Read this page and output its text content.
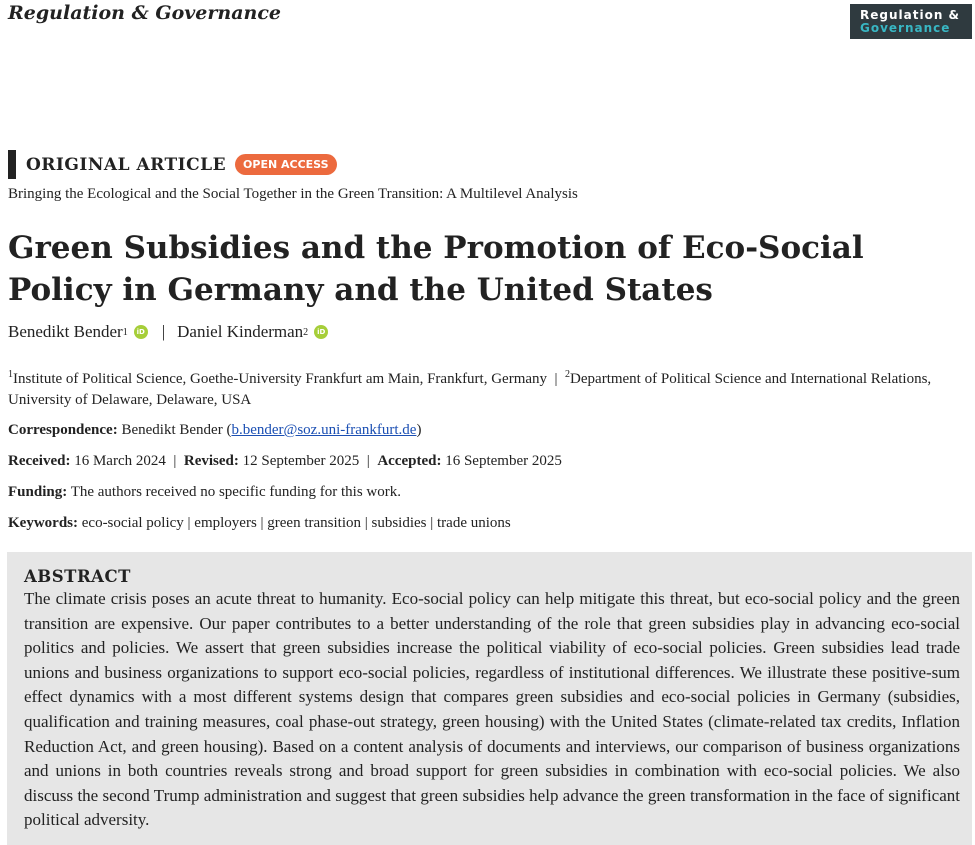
Regulation & Governance	Regulation &
Governance
ORIGINAL ARTICLE	OPEN ACCESS
Bringing the Ecological and the Social Together in the Green Transition: A Multilevel Analysis
Green Subsidies and the Promotion of Eco-Social Policy in Germany and the United States
Benedikt Bender 1	iD | Daniel Kinderman 2	iD
$^1$Institute of Political Science, Goethe-University Frankfurt am Main, Frankfurt, Germany | $^2$Department of Political Science and International Relations, University of Delaware, Delaware, USA
Correspondence: Benedikt Bender (b.bender@soz.uni-frankfurt.de)
Received: 16 March 2024 | Revised: 12 September 2025 | Accepted: 16 September 2025
Funding: The authors received no specific funding for this work.
Keywords: eco-social policy | employers | green transition | subsidies | trade unions
ABSTRACT

The climate crisis poses an acute threat to humanity. Eco-social policy can help mitigate this threat, but eco-social policy and the green transition are expensive. Our paper contributes to a better understanding of the role that green subsidies play in advancing eco-social politics and policies. We assert that green subsidies increase the political viability of eco-social policies. Green subsidies lead trade unions and business organizations to support eco-social policies, regardless of institutional differences. We illustrate these positive-sum effect dynamics with a most different systems design that compares green subsidies and eco-social policies in Germany (subsidies, qualification and training measures, coal phase-out strategy, green housing) with the United States (climate-related tax credits, Inflation Reduction Act, and green housing). Based on a content analysis of documents and interviews, our comparison of business organizations and unions in both countries reveals strong and broad support for green subsidies in combination with eco-social policies. We also discuss the second Trump administration and suggest that green subsidies help advance the green transformation in the face of significant political adversity.
